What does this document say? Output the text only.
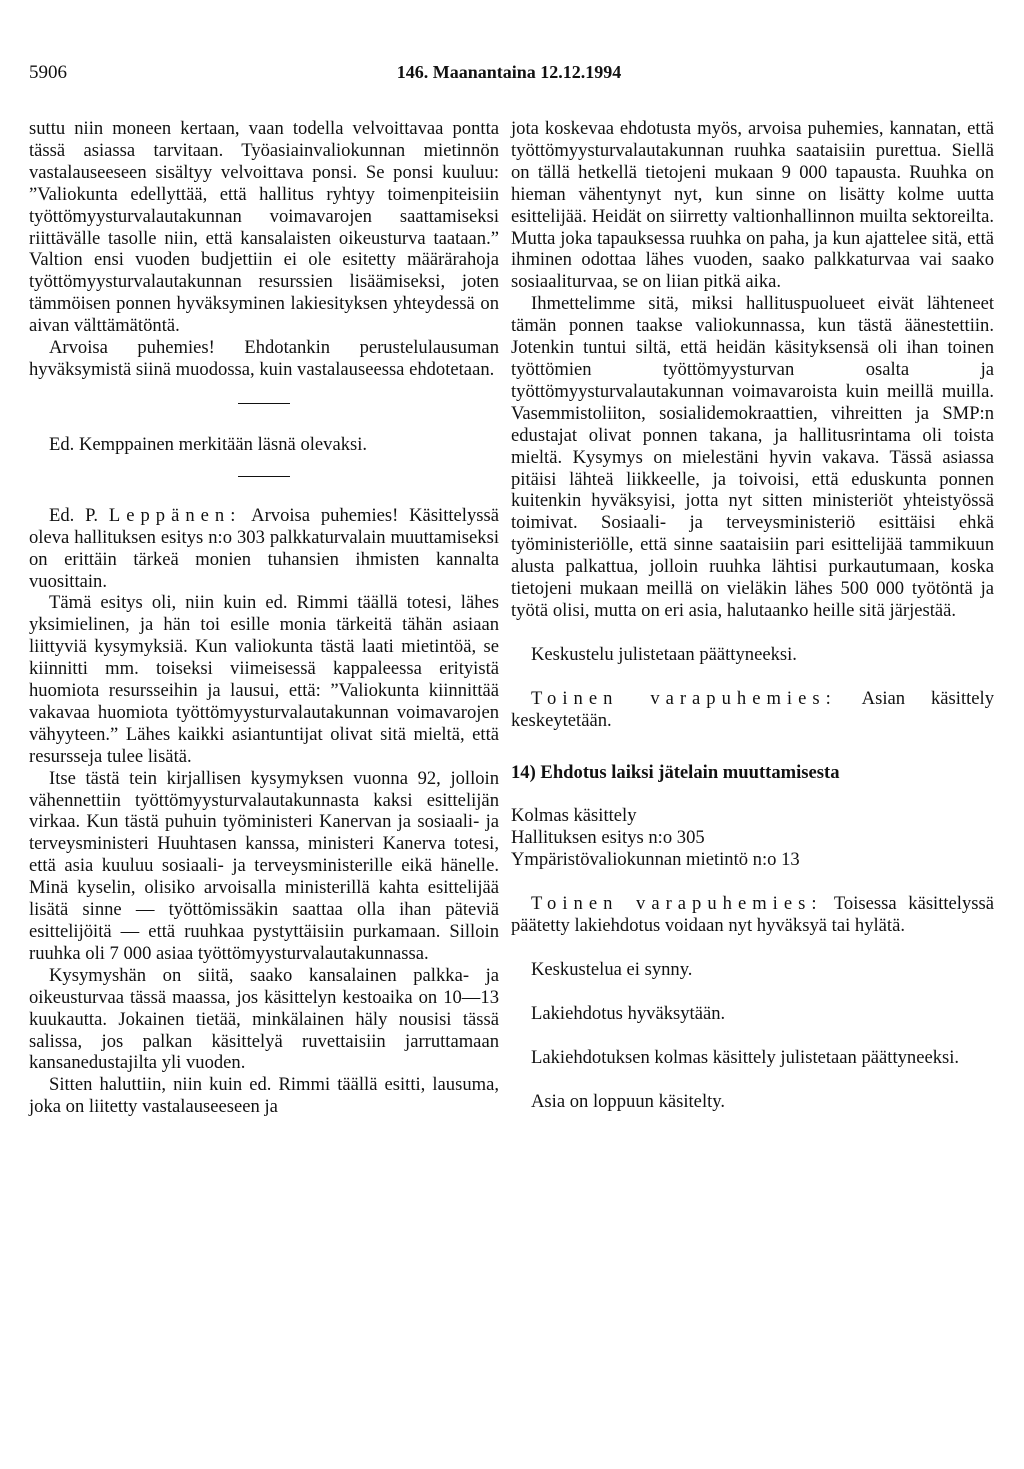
5906	146. Maanantaina 12.12.1994

suttu niin moneen kertaan, vaan todella velvoittavaa pontta tässä asiassa tarvitaan. Työasiainvaliokunnan mietinnön vastalauseeseen sisältyy velvoittava ponsi. Se ponsi kuuluu: ”Valiokunta edellyttää, että hallitus ryhtyy toimenpiteisiin työttömyysturvalautakunnan voimavarojen saattamiseksi riittävälle tasolle niin, että kansalaisten oikeusturva taataan.” Valtion ensi vuoden budjettiin ei ole esitetty määrärahoja työttömyysturvalautakunnan resurssien lisäämiseksi, joten tämmöisen ponnen hyväksyminen lakiesityksen yhteydessä on aivan välttämätöntä.

Arvoisa puhemies! Ehdotankin perustelulausuman hyväksymistä siinä muodossa, kuin vastalauseessa ehdotetaan.

Ed. Kemppainen merkitään läsnä olevaksi.

Ed. P. Leppänen: Arvoisa puhemies! Käsittelyssä oleva hallituksen esitys n:o 303 palkkaturvalain muuttamiseksi on erittäin tärkeä monien tuhansien ihmisten kannalta vuosittain.

Tämä esitys oli, niin kuin ed. Rimmi täällä totesi, lähes yksimielinen, ja hän toi esille monia tärkeitä tähän asiaan liittyviä kysymyksiä. Kun valiokunta tästä laati mietintöä, se kiinnitti mm. toiseksi viimeisessä kappaleessa erityistä huomiota resursseihin ja lausui, että: ”Valiokunta kiinnittää vakavaa huomiota työttömyysturvalautakunnan voimavarojen vähyyteen.” Lähes kaikki asiantuntijat olivat sitä mieltä, että resursseja tulee lisätä.

Itse tästä tein kirjallisen kysymyksen vuonna 92, jolloin vähennettiin työttömyysturvalautakunnasta kaksi esittelijän virkaa. Kun tästä puhuin työministeri Kanervan ja sosiaali- ja terveysministeri Huuhtasen kanssa, ministeri Kanerva totesi, että asia kuuluu sosiaali- ja terveysministerille eikä hänelle. Minä kyselin, olisiko arvoisalla ministerillä kahta esittelijää lisätä sinne — työttömissäkin saattaa olla ihan päteviä esittelijöitä — että ruuhkaa pystyttäisiin purkamaan. Silloin ruuhka oli 7 000 asiaa työttömyysturvalautakunnassa.

Kysymyshän on siitä, saako kansalainen palkka- ja oikeusturvaa tässä maassa, jos käsittelyn kestoaika on 10—13 kuukautta. Jokainen tietää, minkälainen häly nousisi tässä salissa, jos palkan käsittelyä ruvettaisiin jarruttamaan kansanedustajilta yli vuoden.

Sitten haluttiin, niin kuin ed. Rimmi täällä esitti, lausuma, joka on liitetty vastalauseeseen ja

jota koskevaa ehdotusta myös, arvoisa puhemies, kannatan, että työttömyysturvalautakunnan ruuhka saataisiin purettua. Siellä on tällä hetkellä tietojeni mukaan 9 000 tapausta. Ruuhka on hieman vähentynyt nyt, kun sinne on lisätty kolme uutta esittelijää. Heidät on siirretty valtionhallinnon muilta sektoreilta. Mutta joka tapauksessa ruuhka on paha, ja kun ajattelee sitä, että ihminen odottaa lähes vuoden, saako palkkaturvaa vai saako sosiaaliturvaa, se on liian pitkä aika.

Ihmettelimme sitä, miksi hallituspuolueet eivät lähteneet tämän ponnen taakse valiokunnassa, kun tästä äänestettiin. Jotenkin tuntui siltä, että heidän käsityksensä oli ihan toinen työttömien työttömyysturvan osalta ja työttömyysturvalautakunnan voimavaroista kuin meillä muilla. Vasemmistoliiton, sosialidemokraattien, vihreitten ja SMP:n edustajat olivat ponnen takana, ja hallitusrintama oli toista mieltä. Kysymys on mielestäni hyvin vakava. Tässä asiassa pitäisi lähteä liikkeelle, ja toivoisi, että eduskunta ponnen kuitenkin hyväksyisi, jotta nyt sitten ministeriöt yhteistyössä toimivat. Sosiaali- ja terveysministeriö esittäisi ehkä työministeriölle, että sinne saataisiin pari esittelijää tammikuun alusta palkattua, jolloin ruuhka lähtisi purkautumaan, koska tietojeni mukaan meillä on vieläkin lähes 500 000 työtöntä ja työtä olisi, mutta on eri asia, halutaanko heille sitä järjestää.

Keskustelu julistetaan päättyneeksi.

Toinen varapuhemies: Asian käsittely keskeytetään.

14) Ehdotus laiksi jätelain muuttamisesta

Kolmas käsittely

Hallituksen esitys n:o 305

Ympäristövaliokunnan mietintö n:o 13

Toinen varapuhemies: Toisessa käsittelyssä päätetty lakiehdotus voidaan nyt hyväksyä tai hylätä.

Keskustelua ei synny.

Lakiehdotus hyväksytään.

Lakiehdotuksen kolmas käsittely julistetaan päättyneeksi.

Asia on loppuun käsitelty.
